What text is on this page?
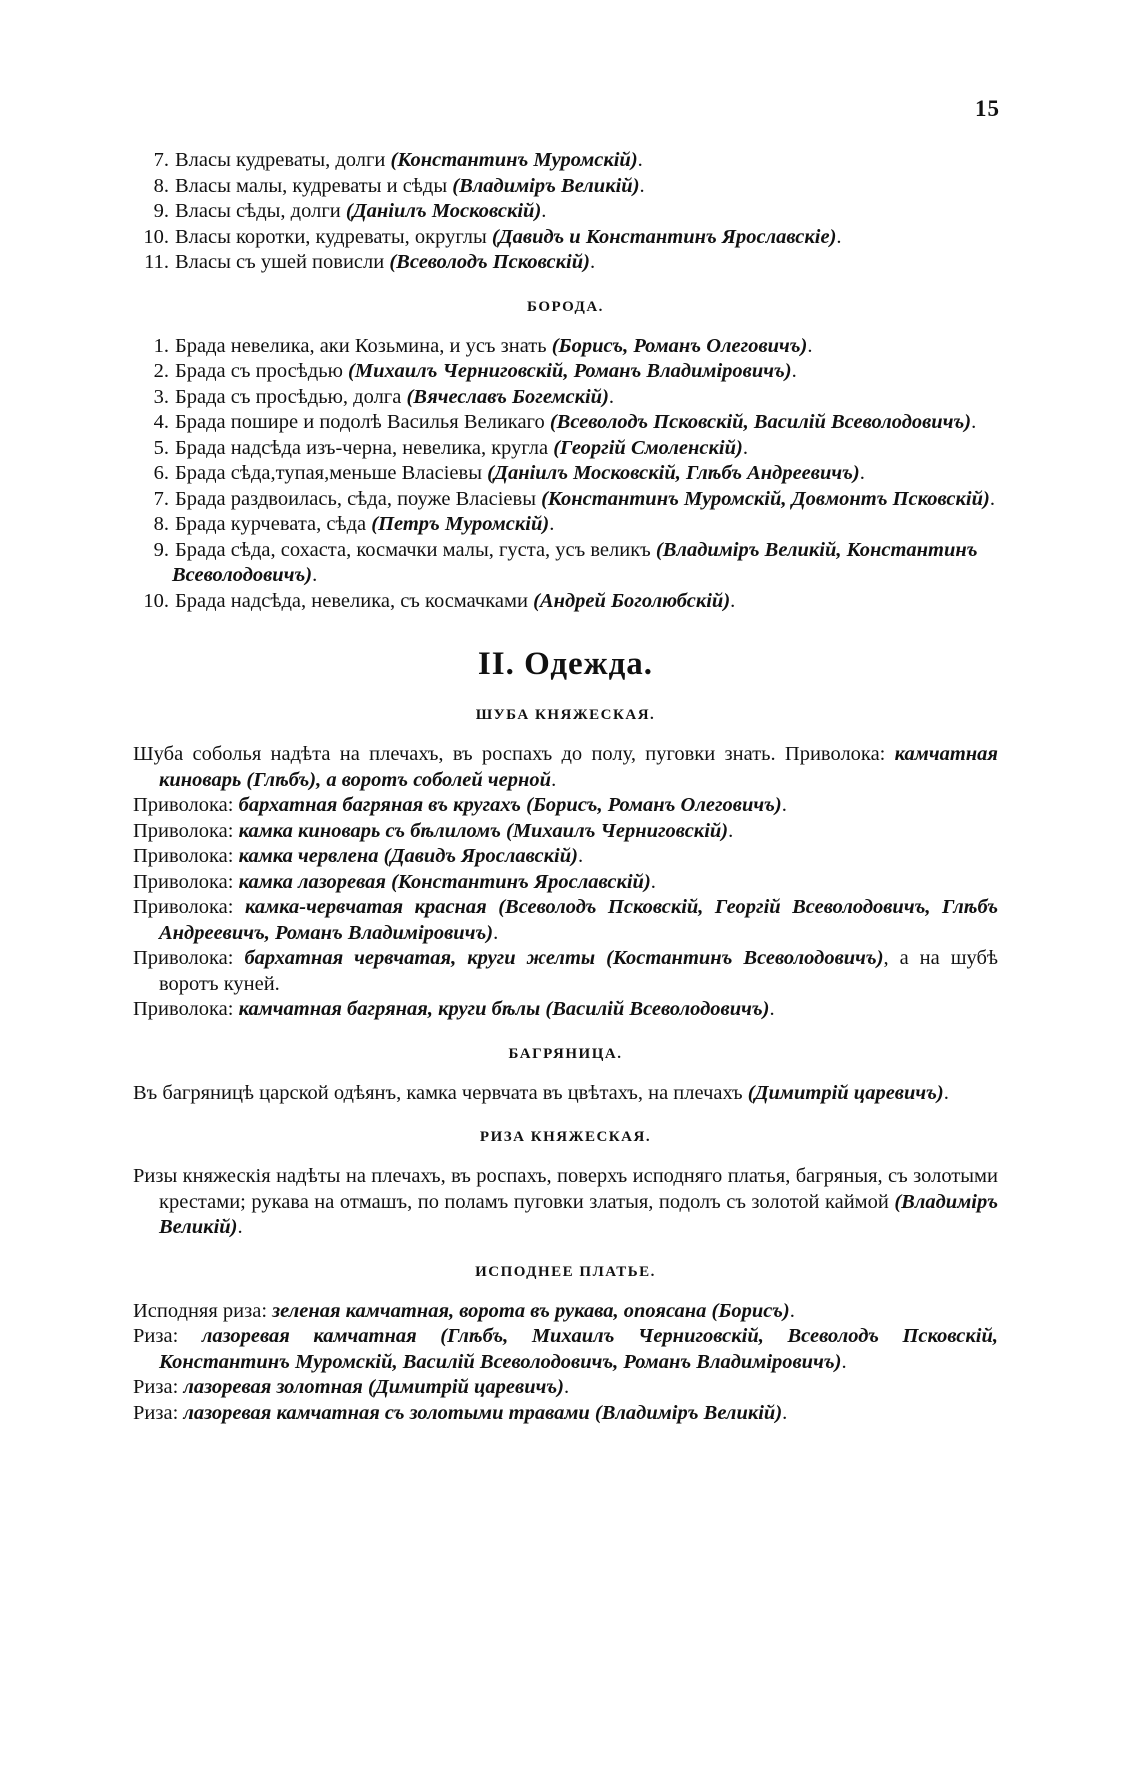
15

7. Власы кудреваты, долги (Константинъ Муромскій).

8. Власы малы, кудреваты и сѣды (Владиміръ Великій).

9. Власы сѣды, долги (Даніилъ Московскій).

10. Власы коротки, кудреваты, округлы (Давидъ и Константинъ Ярославскіе).

11. Власы съ ушей повисли (Всеволодъ Псковскій).

БОРОДА.

1. Брада невелика, аки Козьмина, и усъ знать (Борисъ, Романъ Олеговичъ).

2. Брада съ просѣдью (Михаилъ Черниговскій, Романъ Владиміровичъ).

3. Брада съ просѣдью, долга (Вячеславъ Богемскій).

4. Брада пошире и подолѣ Василья Великаго (Всеволодъ Псковскій, Василій Всеволодовичъ).

5. Брада надсѣда изъ-черна, невелика, кругла (Георгій Смоленскій).

6. Брада сѣда,тупая,меньше Власіевы (Даніилъ Московскій, Глѣбъ Андреевичъ).

7. Брада раздвоилась, сѣда, поуже Власіевы (Константинъ Муромскій, Довмонтъ Псковскій).

8. Брада курчевата, сѣда (Петръ Муромскій).

9. Брада сѣда, сохаста, космачки малы, густа, усъ великъ (Владиміръ Великій, Константинъ Всеволодовичъ).

10. Брада надсѣда, невелика, съ космачками (Андрей Боголюбскій).

II. Одежда.
ШУБА КНЯЖЕСКАЯ.

Шуба соболья надѣта на плечахъ, въ роспахъ до полу, пуговки знать. Приволока: камчатная киноварь (Глѣбъ), а воротъ соболей черной.

Приволока: бархатная багряная въ кругахъ (Борисъ, Романъ Олеговичъ).

Приволока: камка киноварь съ бѣлиломъ (Михаилъ Черниговскій).

Приволока: камка червлена (Давидъ Ярославскій).

Приволока: камка лазоревая (Константинъ Ярославскій).

Приволока: камка-червчатая красная (Всеволодъ Псковскій, Георгій Всеволодовичъ, Глѣбъ Андреевичъ, Романъ Владиміровичъ).

Приволока: бархатная червчатая, круги желты (Костантинъ Всеволодовичъ), а на шубѣ воротъ куней.

Приволока: камчатная багряная, круги бѣлы (Василій Всеволодовичъ).

БАГРЯНИЦА.

Въ багряницѣ царской одѣянъ, камка червчата въ цвѣтахъ, на плечахъ (Димитрій царевичъ).

РИЗА КНЯЖЕСКАЯ.

Ризы княжескія надѣты на плечахъ, въ роспахъ, поверхъ исподняго платья, багряныя, съ золотыми крестами; рукава на отмашъ, по поламъ пуговки златыя, подолъ съ золотой каймой (Владиміръ Великій).

ИСПОДНЕЕ ПЛАТЬЕ.

Исподняя риза: зеленая камчатная, ворота въ рукава, опоясана (Борисъ).

Риза: лазоревая камчатная (Глѣбъ, Михаилъ Черниговскій, Всеволодъ Псковскій, Константинъ Муромскій, Василій Всеволодовичъ, Романъ Владиміровичъ).

Риза: лазоревая золотная (Димитрій царевичъ).

Риза: лазоревая камчатная съ золотыми травами (Владиміръ Великій).
